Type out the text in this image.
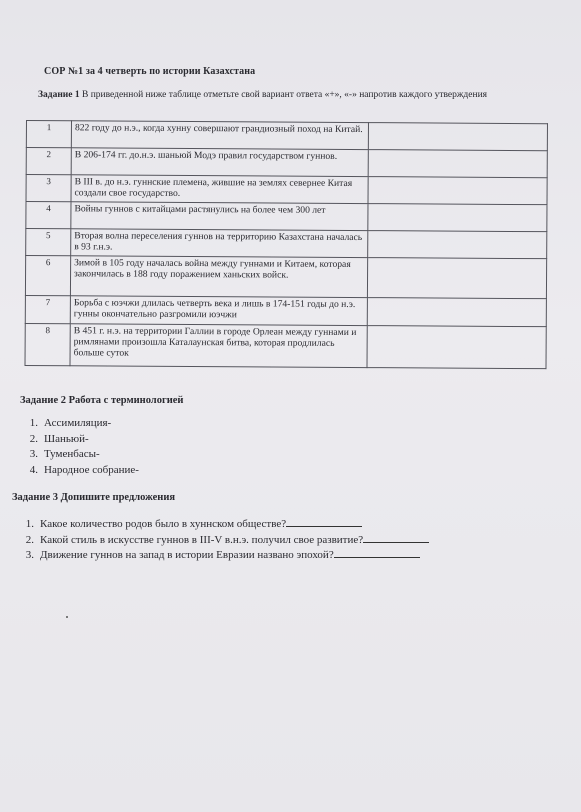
СОР №1 за 4 четверть по истории Казахстана
Задание 1 В приведенной ниже таблице отметьте свой вариант ответа «+», «-» напротив каждого утверждения
1	822 году до н.э., когда хунну совершают грандиозный поход на Китай.	
2	В 206-174 гг. до.н.э. шаньюй Модэ правил государством гуннов.	
3	В III в. до н.э. гуннские племена, жившие на землях севернее Китая создали свое государство.	
4	Войны гуннов с китайцами растянулись на более чем 300 лет	
5	Вторая волна переселения гуннов на территорию Казахстана началась в 93 г.н.э.	
6	Зимой в 105 году началась война между гуннами и Китаем, которая закончилась в 188 году поражением ханьских войск.	
7	Борьба с юэчжи длилась четверть века и лишь в 174-151 годы до н.э. гунны окончательно разгромили юэчжи	
8	В 451 г. н.э. на территории Галлии в городе Орлеан между гуннами и римлянами произошла Каталаунская битва, которая продлилась больше суток	
Задание 2 Работа с терминологией
1. Ассимиляция-
2. Шаньюй-
3. Туменбасы-
4. Народное собрание-
Задание 3 Допишите предложения
1. Какое количество родов было в хуннском обществе?
2. Какой стиль в искусстве гуннов в III-V в.н.э. получил свое развитие?
3. Движение гуннов на запад в истории Евразии названо эпохой?
